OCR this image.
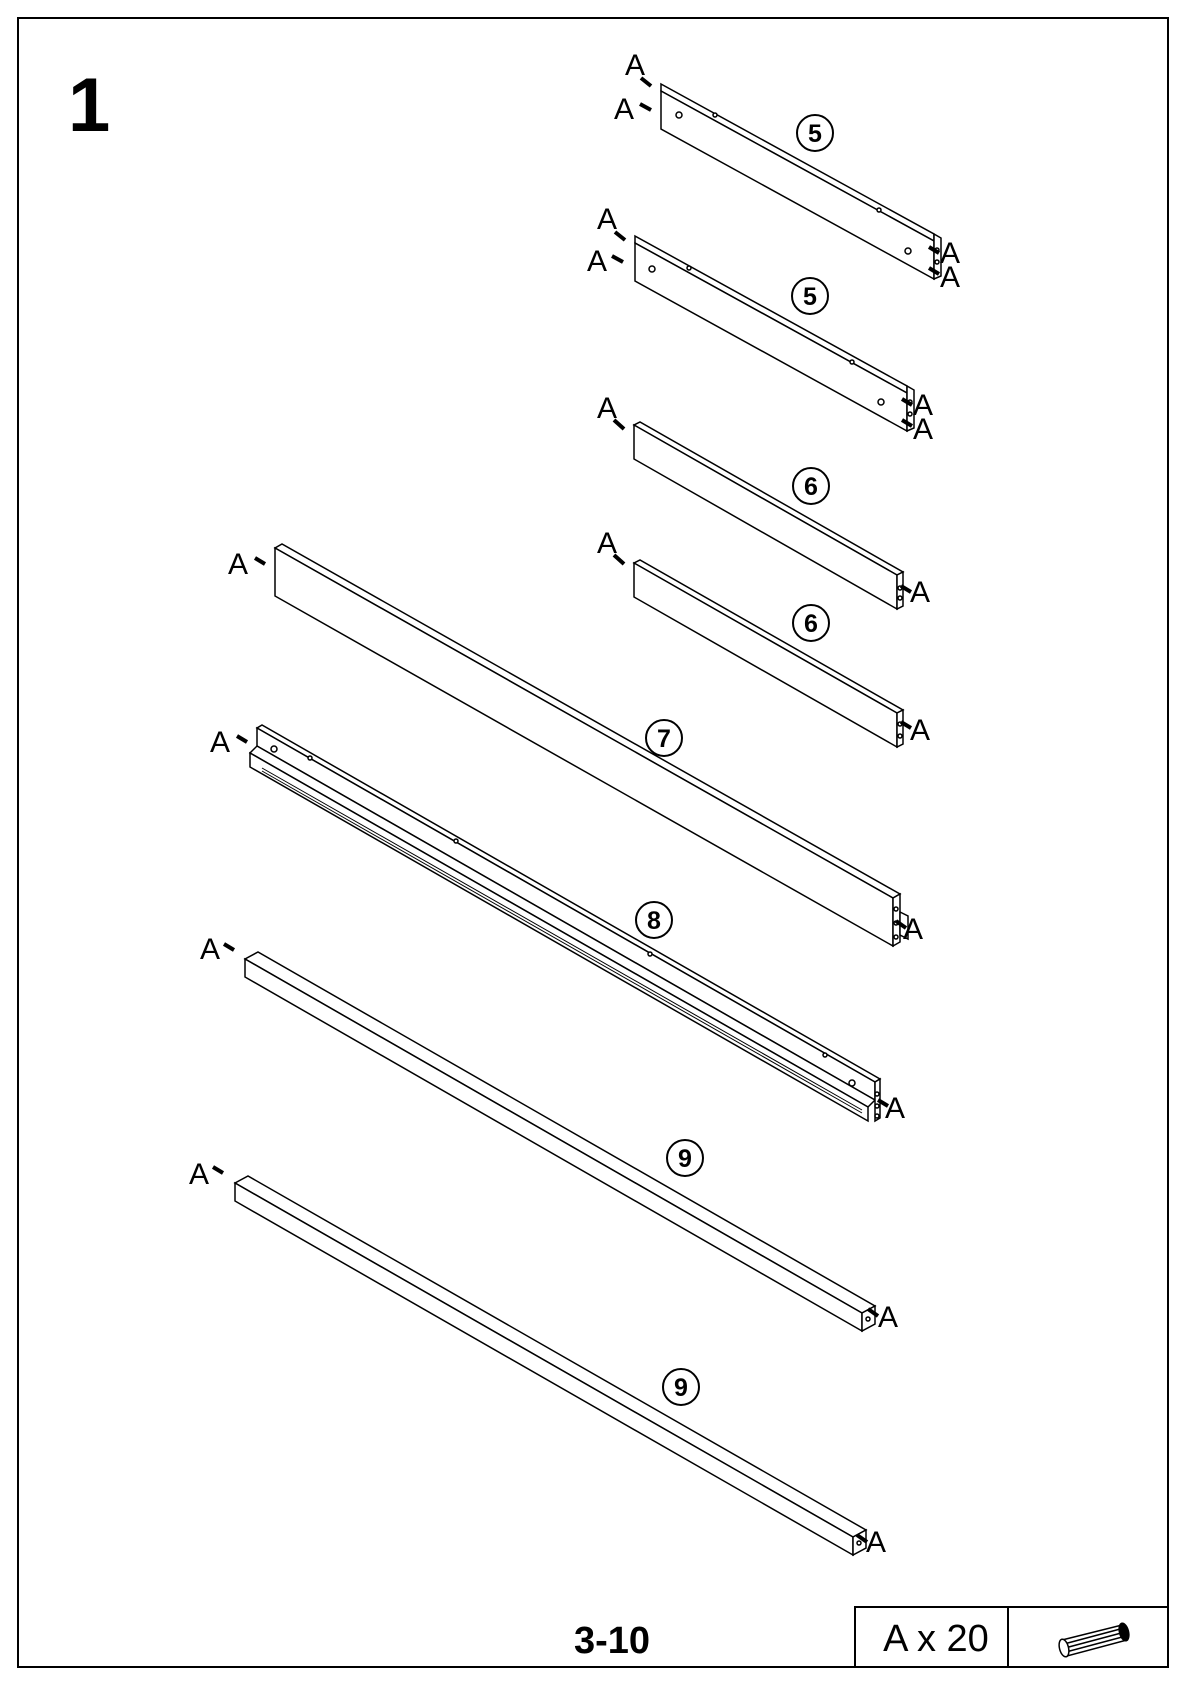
1	A
A
A
A
5
A
A
A
A
5
A
A
6
A
A
6
A
A
7
A
A
8
A
A
9
A
A
9
3-10	A x 20
